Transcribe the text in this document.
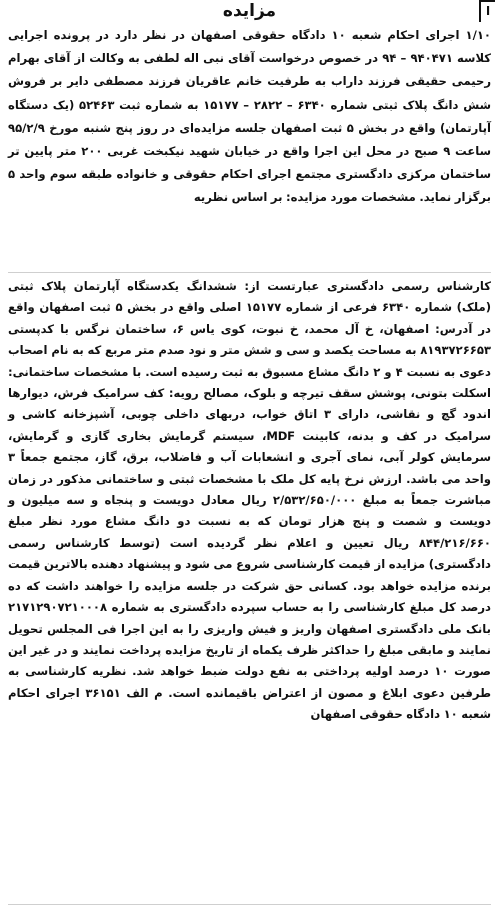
مزایده	ا

۱/۱۰ اجرای احکام شعبه ۱۰ دادگاه حقوقی اصفهان در نظر دارد در پرونده اجرایی کلاسه ۹۴۰۴۷۱ – ۹۴ در خصوص درخواست آقای نبی اله لطفی به وکالت از آقای بهرام رحیمی حقیقی فرزند داراب به طرفیت خانم عاقریان فرزند مصطفی دایر بر فروش شش دانگ پلاک ثبتی شماره ۶۳۴۰ – ۲۸۲۲ – ۱۵۱۷۷ به شماره ثبت ۵۲۴۶۳ (یک دستگاه آپارتمان) واقع در بخش ۵ ثبت اصفهان جلسه مزایده‌ای در روز پنج شنبه مورخ ۹۵/۲/۹ ساعت ۹ صبح در محل این اجرا واقع در خیابان شهید نیکبخت غربی ۲۰۰ متر پایین تر ساختمان مرکزی دادگستری مجتمع اجرای احکام حقوقی و خانواده طبقه سوم واحد ۵ برگزار نماید. مشخصات مورد مزایده: بر اساس نظریه

کارشناس رسمی دادگستری عبارتست از: ششدانگ یکدستگاه آپارتمان پلاک ثبتی (ملک) شماره ۶۳۴۰ فرعی از شماره ۱۵۱۷۷ اصلی واقع در بخش ۵ ثبت اصفهان واقع در آدرس: اصفهان، خ آل محمد، خ نبوت، کوی یاس ۶، ساختمان نرگس با کدپستی ۸۱۹۳۷۲۶۶۵۳ به مساحت یکصد و سی و شش متر و نود صدم متر مربع که به نام اصحاب دعوی به نسبت ۴ و ۲ دانگ مشاع مسبوق به ثبت رسیده است. با مشخصات ساختمانی: اسکلت بتونی، پوشش سقف تیرچه و بلوک، مصالح رویه: کف سرامیک فرش، دیوارها اندود گچ و نقاشی، دارای ۳ اتاق خواب، دربهای داخلی چوبی، آشپزخانه کاشی و سرامیک در کف و بدنه، کابینت MDF، سیستم گرمایش بخاری گازی و گرمایش، سرمایش کولر آبی، نمای آجری و انشعابات آب و فاضلاب، برق، گاز، مجتمع جمعاً ۳ واحد می باشد. ارزش نرخ پایه کل ملک با مشخصات ثبتی و ساختمانی مذکور در زمان مباشرت جمعاً به مبلغ ۲/۵۳۲/۶۵۰/۰۰۰ ریال معادل دویست و پنجاه و سه میلیون و دویست و شصت و پنج هزار تومان که به نسبت دو دانگ مشاع مورد نظر مبلغ ۸۴۴/۲۱۶/۶۶۰ ریال تعیین و اعلام نظر گردیده است (توسط کارشناس رسمی دادگستری) مزایده از قیمت کارشناسی شروع می شود و پیشنهاد دهنده بالاترین قیمت برنده مزایده خواهد بود. کسانی حق شرکت در جلسه مزایده را خواهند داشت که ده درصد کل مبلغ کارشناسی را به حساب سپرده دادگستری به شماره ۲۱۷۱۲۹۰۷۲۱۰۰۰۸ بانک ملی دادگستری اصفهان واریز و فیش واریزی را به این اجرا فی المجلس تحویل نمایند و مابقی مبلغ را حداکثر ظرف یکماه از تاریخ مزایده پرداخت نمایند و در غیر این صورت ۱۰ درصد اولیه پرداختی به نفع دولت ضبط خواهد شد. نظریه کارشناسی به طرفین دعوی ابلاغ و مصون از اعتراض باقیمانده است. م الف ۳۶۱۵۱ اجرای احکام شعبه ۱۰ دادگاه حقوقی اصفهان
